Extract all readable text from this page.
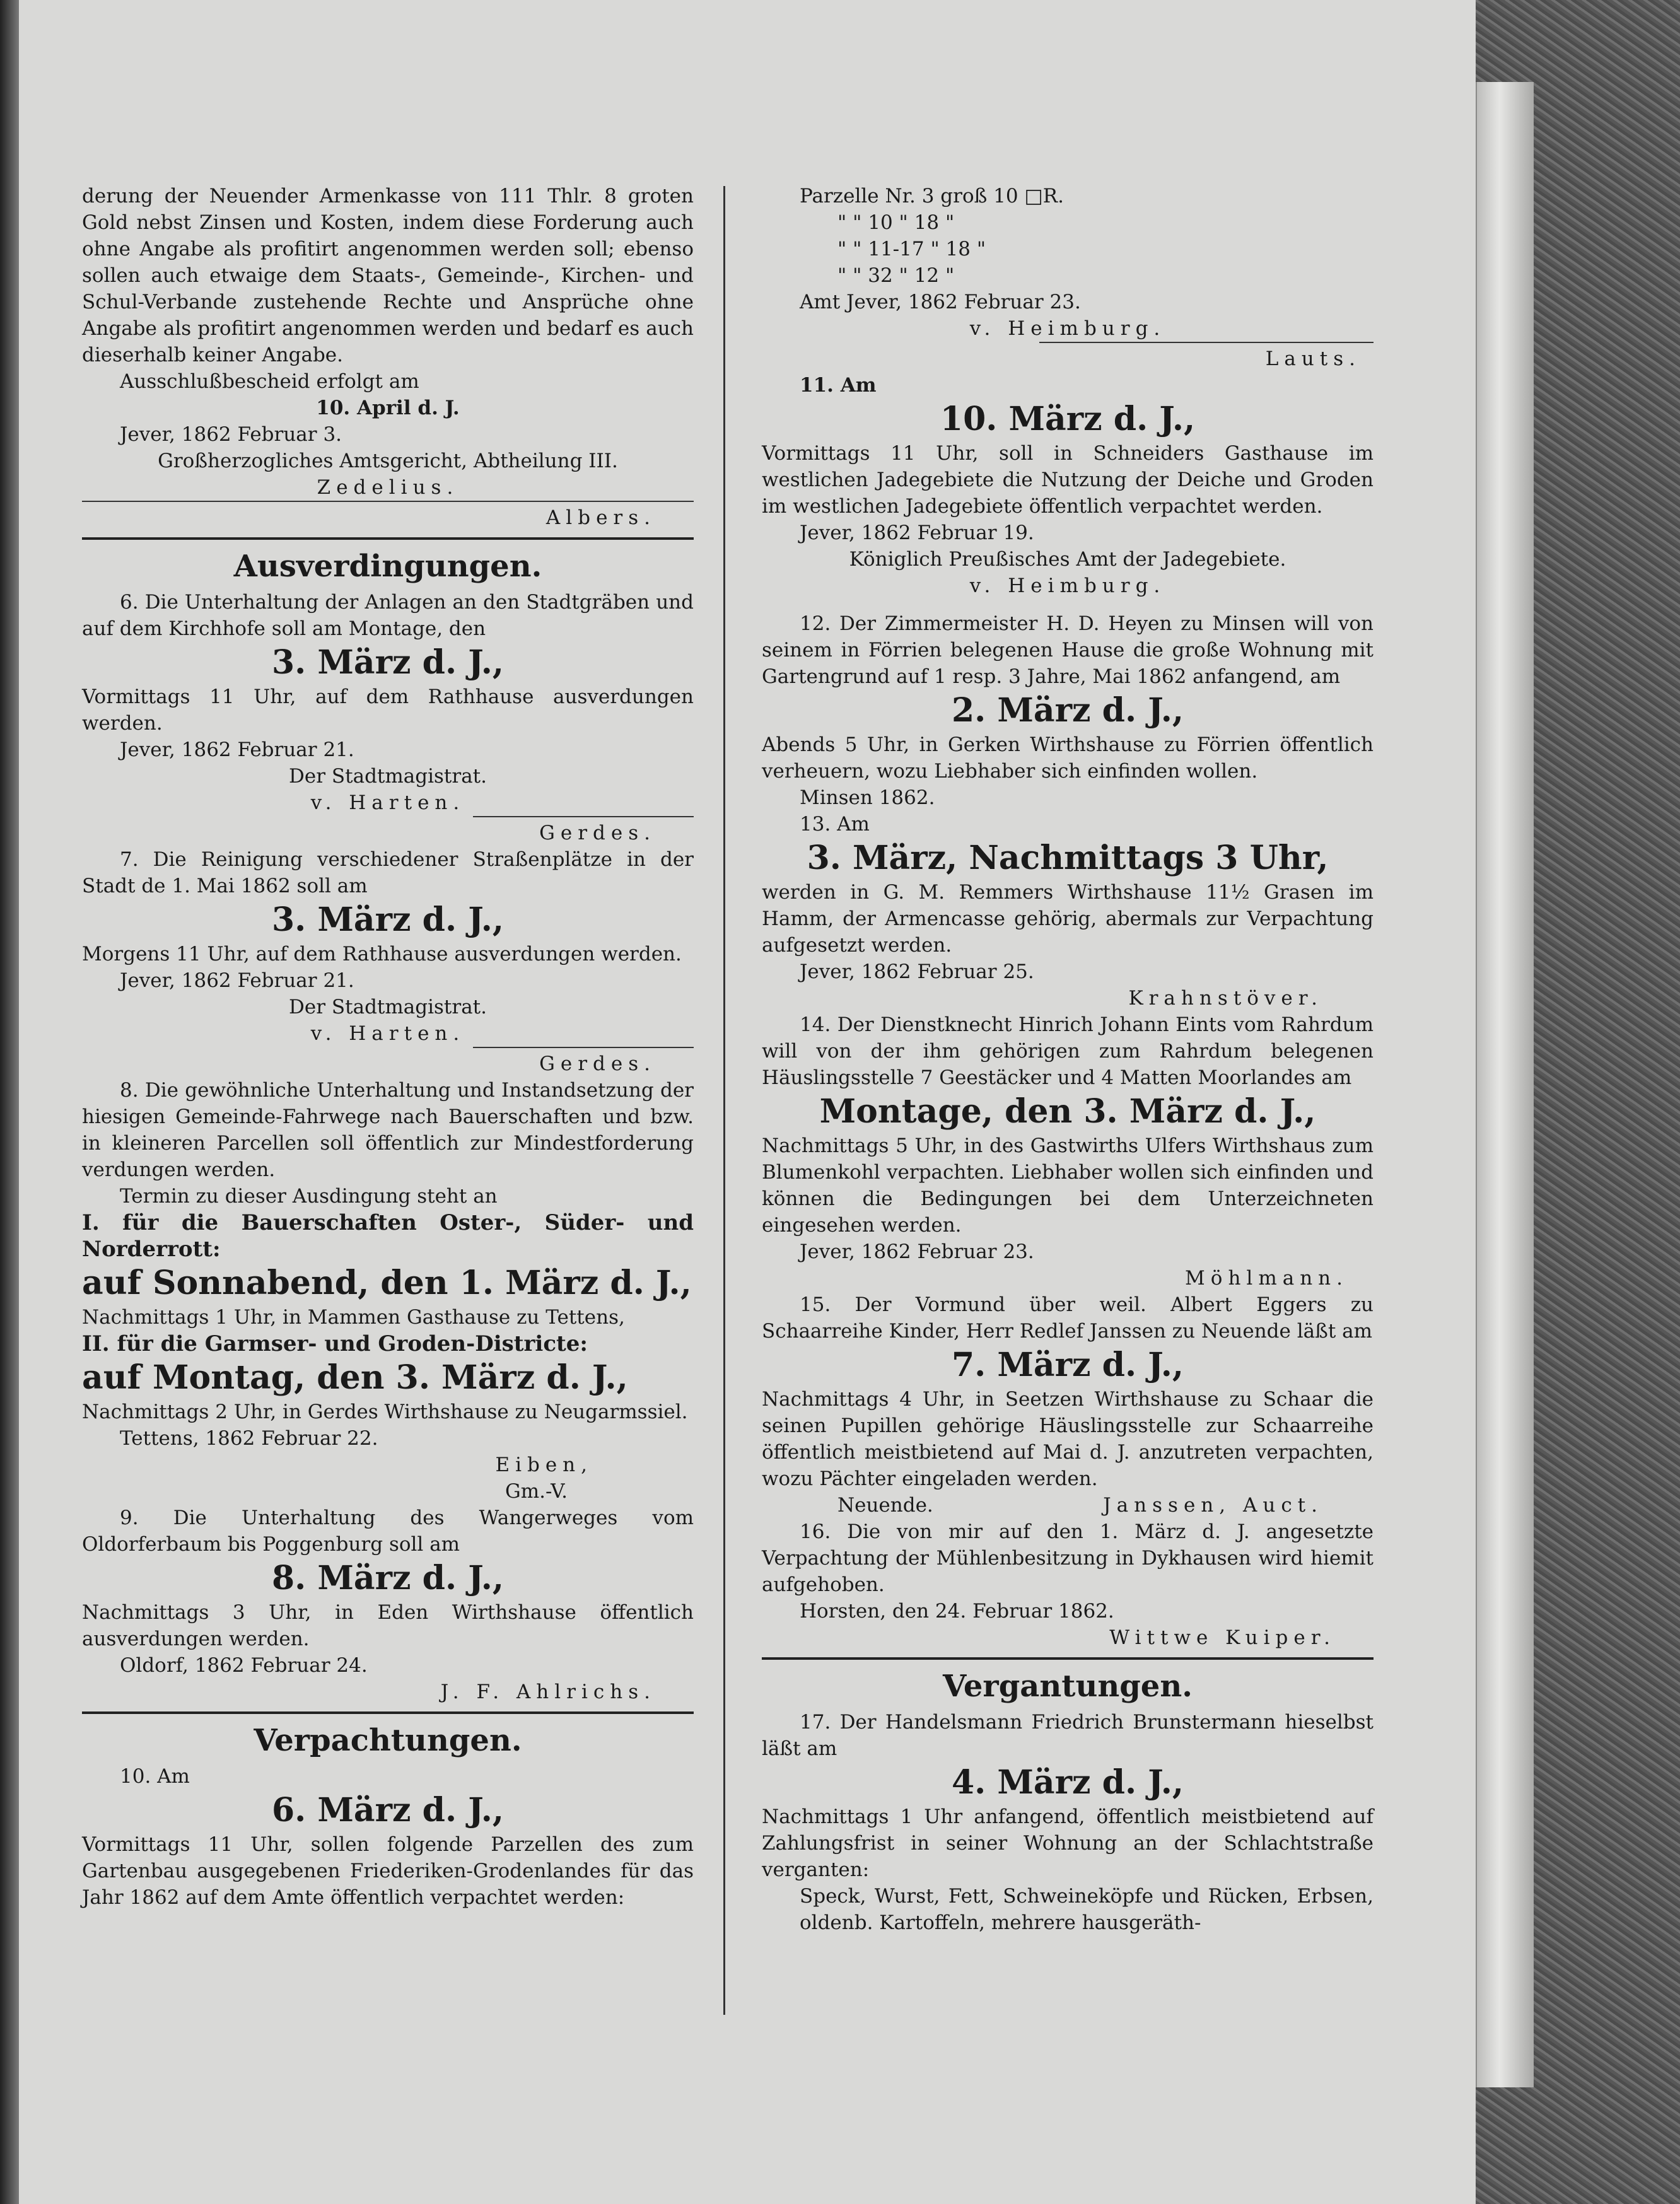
derung der Neuender Armenkasse von 111 Thlr. 8 groten Gold nebst Zinsen und Kosten, indem diese Forderung auch ohne Angabe als profitirt angenommen werden soll; ebenso sollen auch etwaige dem Staats-, Gemeinde-, Kirchen- und Schul-Verbande zustehende Rechte und Ansprüche ohne Angabe als profitirt angenommen werden und bedarf es auch dieserhalb keiner Angabe.

Ausschlußbescheid erfolgt am

10. April d. J.

Jever, 1862 Februar 3.

Großherzogliches Amtsgericht, Abtheilung III.

Zedelius.

Albers.

Ausverdingungen.

6. Die Unterhaltung der Anlagen an den Stadtgräben und auf dem Kirchhofe soll am Montage, den

3. März d. J.,

Vormittags 11 Uhr, auf dem Rathhause ausverdungen werden.

Jever, 1862 Februar 21.

Der Stadtmagistrat.

v. Harten.

Gerdes.

7. Die Reinigung verschiedener Straßenplätze in der Stadt de 1. Mai 1862 soll am

3. März d. J.,

Morgens 11 Uhr, auf dem Rathhause ausverdungen werden.

Jever, 1862 Februar 21.

Der Stadtmagistrat.

v. Harten.

Gerdes.

8. Die gewöhnliche Unterhaltung und Instandsetzung der hiesigen Gemeinde-Fahrwege nach Bauerschaften und bzw. in kleineren Parcellen soll öffentlich zur Mindestforderung verdungen werden.

Termin zu dieser Ausdingung steht an

I. für die Bauerschaften Oster-, Süder- und Norderrott:

auf Sonnabend, den 1. März d. J.,

Nachmittags 1 Uhr, in Mammen Gasthause zu Tettens,

II. für die Garmser- und Groden-Districte:

auf Montag, den 3. März d. J.,

Nachmittags 2 Uhr, in Gerdes Wirthshause zu Neugarmssiel.

Tettens, 1862 Februar 22.

Eiben,

Gm.-V.

9. Die Unterhaltung des Wangerweges vom Oldorferbaum bis Poggenburg soll am

8. März d. J.,

Nachmittags 3 Uhr, in Eden Wirthshause öffentlich ausverdungen werden.

Oldorf, 1862 Februar 24.

J. F. Ahlrichs.

Verpachtungen.

10. Am

6. März d. J.,

Vormittags 11 Uhr, sollen folgende Parzellen des zum Gartenbau ausgegebenen Friederiken-Grodenlandes für das Jahr 1862 auf dem Amte öffentlich verpachtet werden:

Parzelle Nr. 3 groß 10 □R.

" " 10 " 18 "

" " 11-17 " 18 "

" " 32 " 12 "

Amt Jever, 1862 Februar 23.

v. Heimburg.

Lauts.

11. Am

10. März d. J.,

Vormittags 11 Uhr, soll in Schneiders Gasthause im westlichen Jadegebiete die Nutzung der Deiche und Groden im westlichen Jadegebiete öffentlich verpachtet werden.

Jever, 1862 Februar 19.

Königlich Preußisches Amt der Jadegebiete.

v. Heimburg.

12. Der Zimmermeister H. D. Heyen zu Minsen will von seinem in Förrien belegenen Hause die große Wohnung mit Gartengrund auf 1 resp. 3 Jahre, Mai 1862 anfangend, am

2. März d. J.,

Abends 5 Uhr, in Gerken Wirthshause zu Förrien öffentlich verheuern, wozu Liebhaber sich einfinden wollen.

Minsen 1862.

13. Am

3. März, Nachmittags 3 Uhr,

werden in G. M. Remmers Wirthshause 11½ Grasen im Hamm, der Armencasse gehörig, abermals zur Verpachtung aufgesetzt werden.

Jever, 1862 Februar 25.

Krahnstöver.

14. Der Dienstknecht Hinrich Johann Eints vom Rahrdum will von der ihm gehörigen zum Rahrdum belegenen Häuslingsstelle 7 Geestäcker und 4 Matten Moorlandes am

Montage, den 3. März d. J.,

Nachmittags 5 Uhr, in des Gastwirths Ulfers Wirthshaus zum Blumenkohl verpachten. Liebhaber wollen sich einfinden und können die Bedingungen bei dem Unterzeichneten eingesehen werden.

Jever, 1862 Februar 23.

Möhlmann.

15. Der Vormund über weil. Albert Eggers zu Schaarreihe Kinder, Herr Redlef Janssen zu Neuende läßt am

7. März d. J.,

Nachmittags 4 Uhr, in Seetzen Wirthshause zu Schaar die seinen Pupillen gehörige Häuslingsstelle zur Schaarreihe öffentlich meistbietend auf Mai d. J. anzutreten verpachten, wozu Pächter eingeladen werden.

Neuende.	Janssen, Auct.

16. Die von mir auf den 1. März d. J. angesetzte Verpachtung der Mühlenbesitzung in Dykhausen wird hiemit aufgehoben.

Horsten, den 24. Februar 1862.

Wittwe Kuiper.

Vergantungen.

17. Der Handelsmann Friedrich Brunstermann hieselbst läßt am

4. März d. J.,

Nachmittags 1 Uhr anfangend, öffentlich meistbietend auf Zahlungsfrist in seiner Wohnung an der Schlachtstraße verganten:

Speck, Wurst, Fett, Schweineköpfe und Rücken, Erbsen, oldenb. Kartoffeln, mehrere hausgeräth-
